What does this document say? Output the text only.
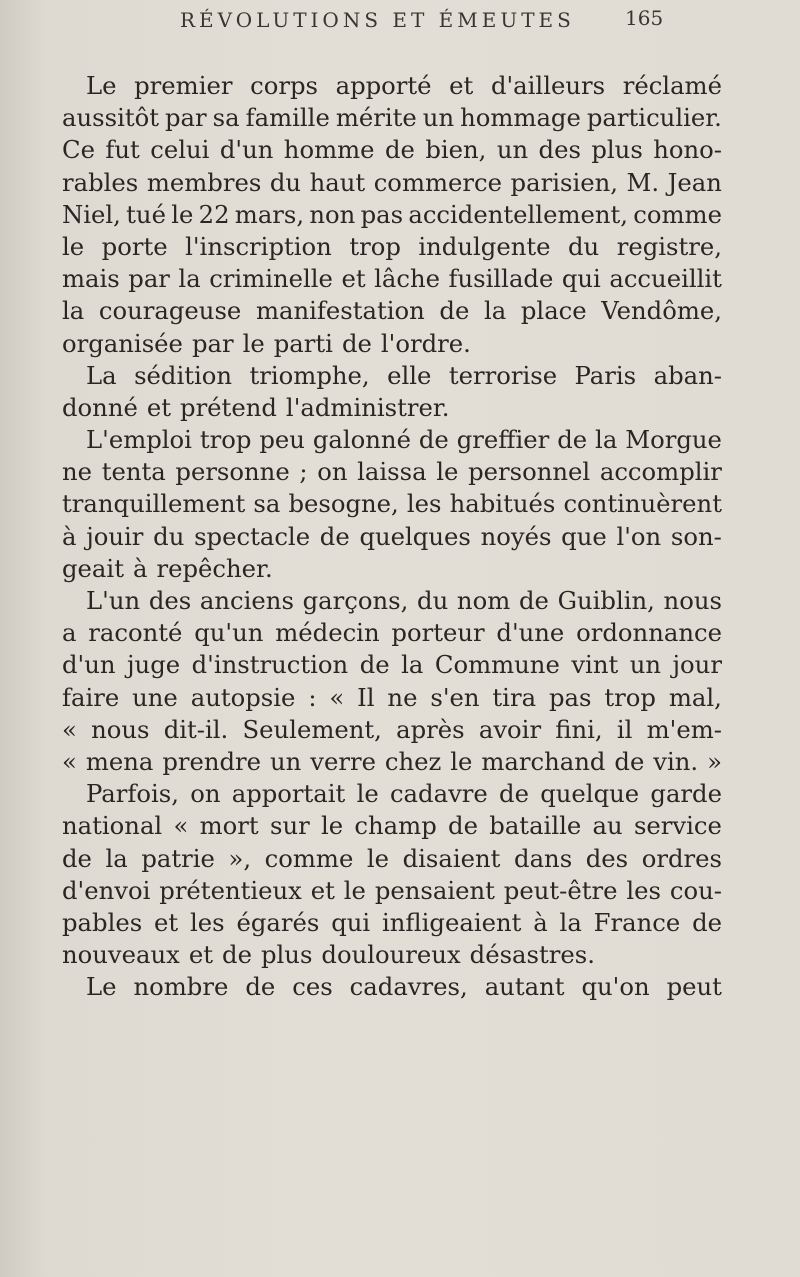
RÉVOLUTIONS ET ÉMEUTES	165
Le premier corps apporté et d'ailleurs réclamé
aussitôt par sa famille mérite un hommage particulier.
Ce fut celui d'un homme de bien, un des plus hono-
rables membres du haut commerce parisien, M. Jean
Niel, tué le 22 mars, non pas accidentellement, comme
le porte l'inscription trop indulgente du registre,
mais par la criminelle et lâche fusillade qui accueillit
la courageuse manifestation de la place Vendôme,
organisée par le parti de l'ordre.
La sédition triomphe, elle terrorise Paris aban-
donné et prétend l'administrer.
L'emploi trop peu galonné de greffier de la Morgue
ne tenta personne ; on laissa le personnel accomplir
tranquillement sa besogne, les habitués continuèrent
à jouir du spectacle de quelques noyés que l'on son-
geait à repêcher.
L'un des anciens garçons, du nom de Guiblin, nous
a raconté qu'un médecin porteur d'une ordonnance
d'un juge d'instruction de la Commune vint un jour
faire une autopsie : « Il ne s'en tira pas trop mal,
« nous dit-il. Seulement, après avoir fini, il m'em-
« mena prendre un verre chez le marchand de vin. »
Parfois, on apportait le cadavre de quelque garde
national « mort sur le champ de bataille au service
de la patrie », comme le disaient dans des ordres
d'envoi prétentieux et le pensaient peut-être les cou-
pables et les égarés qui infligeaient à la France de
nouveaux et de plus douloureux désastres.
Le nombre de ces cadavres, autant qu'on peut
